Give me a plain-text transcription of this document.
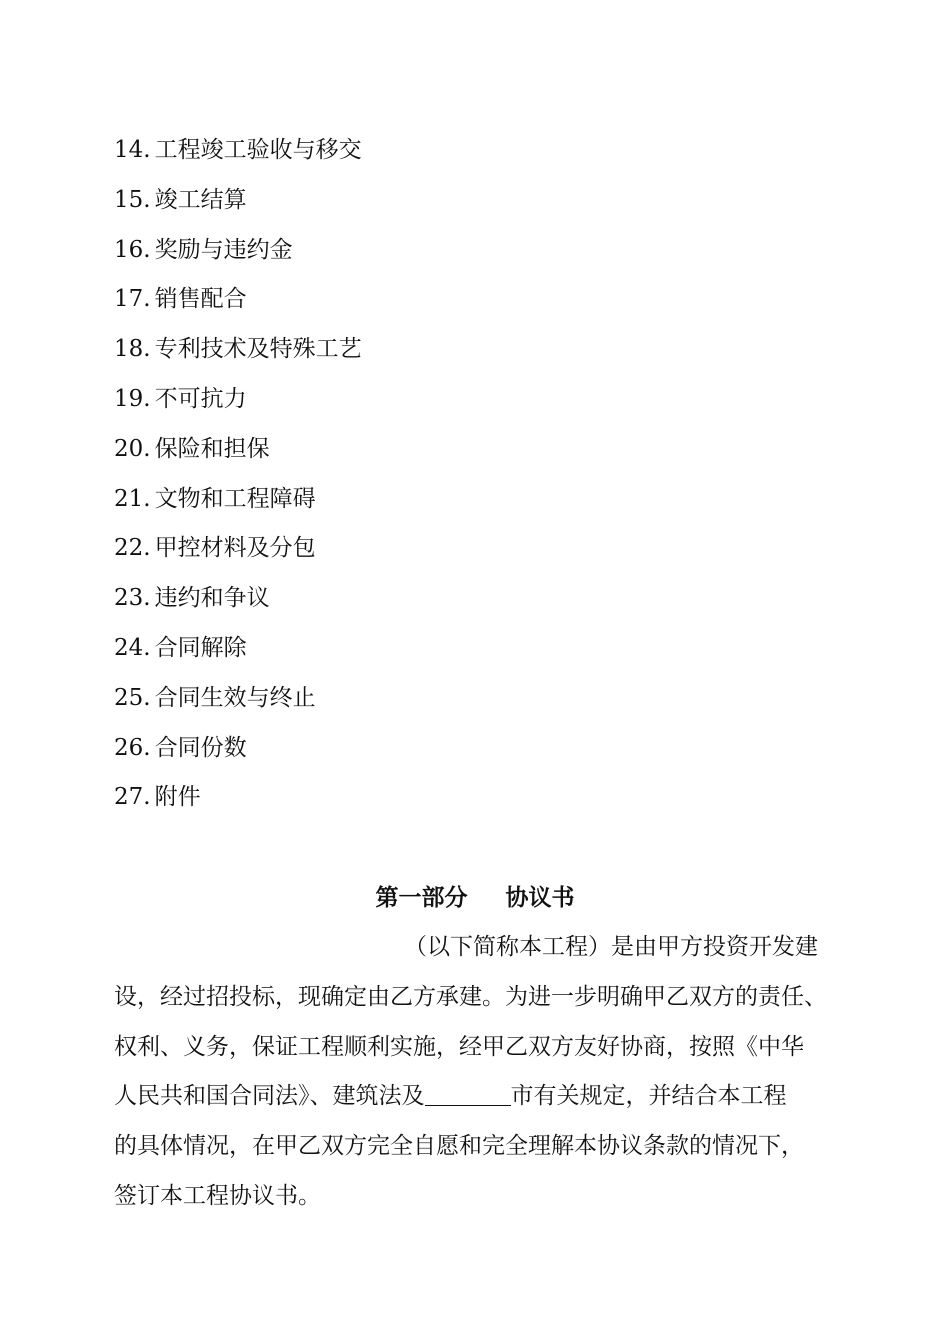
14. 工程竣工验收与移交
15. 竣工结算
16. 奖励与违约金
17. 销售配合
18. 专利技术及特殊工艺
19. 不可抗力
20. 保险和担保
21. 文物和工程障碍
22. 甲控材料及分包
23. 违约和争议
24. 合同解除
25. 合同生效与终止
26. 合同份数
27. 附件
第一部分 协议书
（以下简称本工程）是由甲方投资开发建
设，经过招投标，现确定由乙方承建。为进一步明确甲乙双方的责任、
权利、义务，保证工程顺利实施，经甲乙双方友好协商，按照《中华
人民共和国合同法》、建筑法及	市有关规定，并结合本工程
的具体情况，在甲乙双方完全自愿和完全理解本协议条款的情况下，
签订本工程协议书。
